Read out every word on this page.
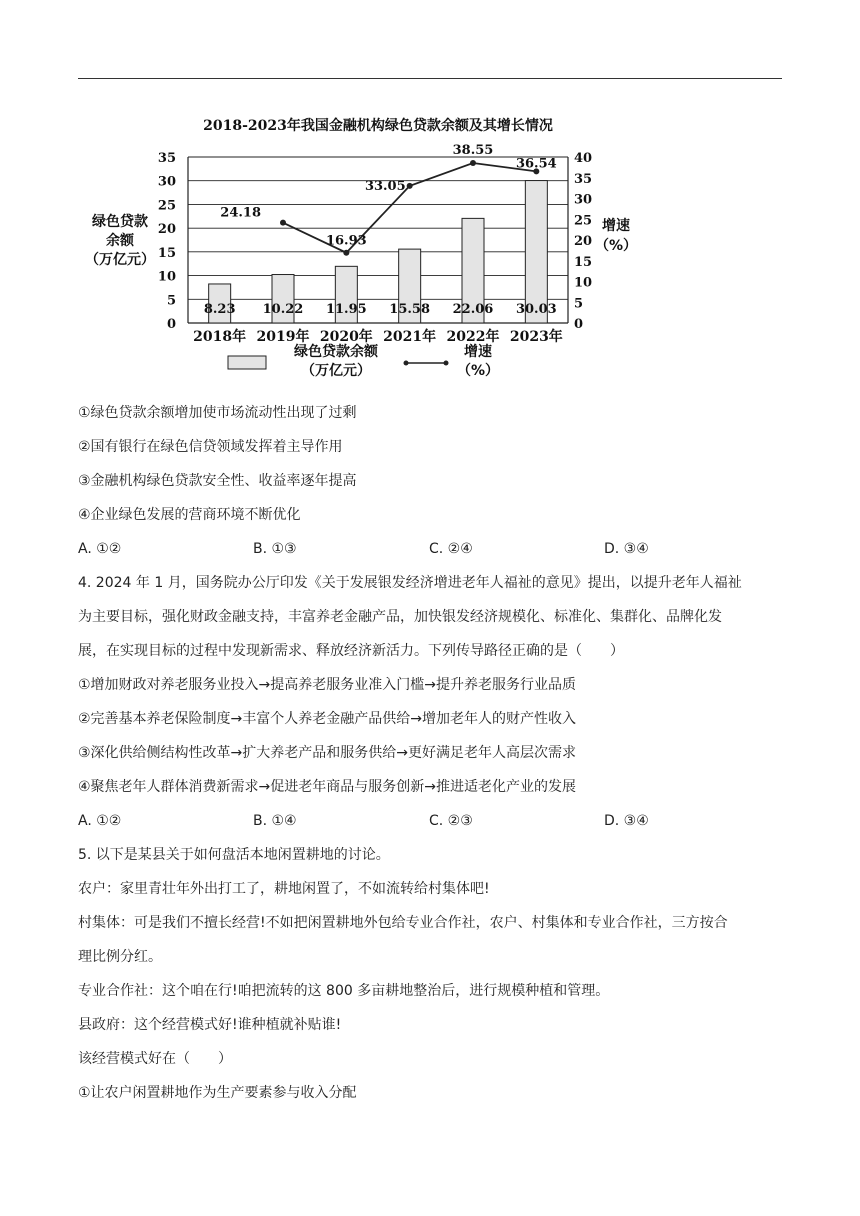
2018-2023年我国金融机构绿色贷款余额及其增长情况
0
5
10
15
20
25
30
35
0
5
10
15
20
25
30
35
40
绿色贷款
余额
（万亿元）
增速
（%）
8.23 10.22 11.95 15.58 22.06 30.03
2018年 2019年 2020年 2021年 2022年 2023年
24.18
16.93
33.05
38.55
36.54
绿色贷款余额
（万亿元）
增速
（%）
①绿色贷款余额增加使市场流动性出现了过剩
②国有银行在绿色信贷领域发挥着主导作用
③金融机构绿色贷款安全性、收益率逐年提高
④企业绿色发展的营商环境不断优化
A. ①②	B. ①③	C. ②④	D. ③④
4. 2024 年 1 月，国务院办公厅印发《关于发展银发经济增进老年人福祉的意见》提出，以提升老年人福祉
为主要目标，强化财政金融支持，丰富养老金融产品，加快银发经济规模化、标准化、集群化、品牌化发
展，在实现目标的过程中发现新需求、释放经济新活力。下列传导路径正确的是（　　）
①增加财政对养老服务业投入→提高养老服务业准入门槛→提升养老服务行业品质
②完善基本养老保险制度→丰富个人养老金融产品供给→增加老年人的财产性收入
③深化供给侧结构性改革→扩大养老产品和服务供给→更好满足老年人高层次需求
④聚焦老年人群体消费新需求→促进老年商品与服务创新→推进适老化产业的发展
A. ①②	B. ①④	C. ②③	D. ③④
5. 以下是某县关于如何盘活本地闲置耕地的讨论。
农户：家里青壮年外出打工了，耕地闲置了，不如流转给村集体吧!
村集体：可是我们不擅长经营!不如把闲置耕地外包给专业合作社，农户、村集体和专业合作社，三方按合
理比例分红。
专业合作社：这个咱在行!咱把流转的这 800 多亩耕地整治后，进行规模种植和管理。
县政府：这个经营模式好!谁种植就补贴谁!
该经营模式好在（　　）
①让农户闲置耕地作为生产要素参与收入分配
